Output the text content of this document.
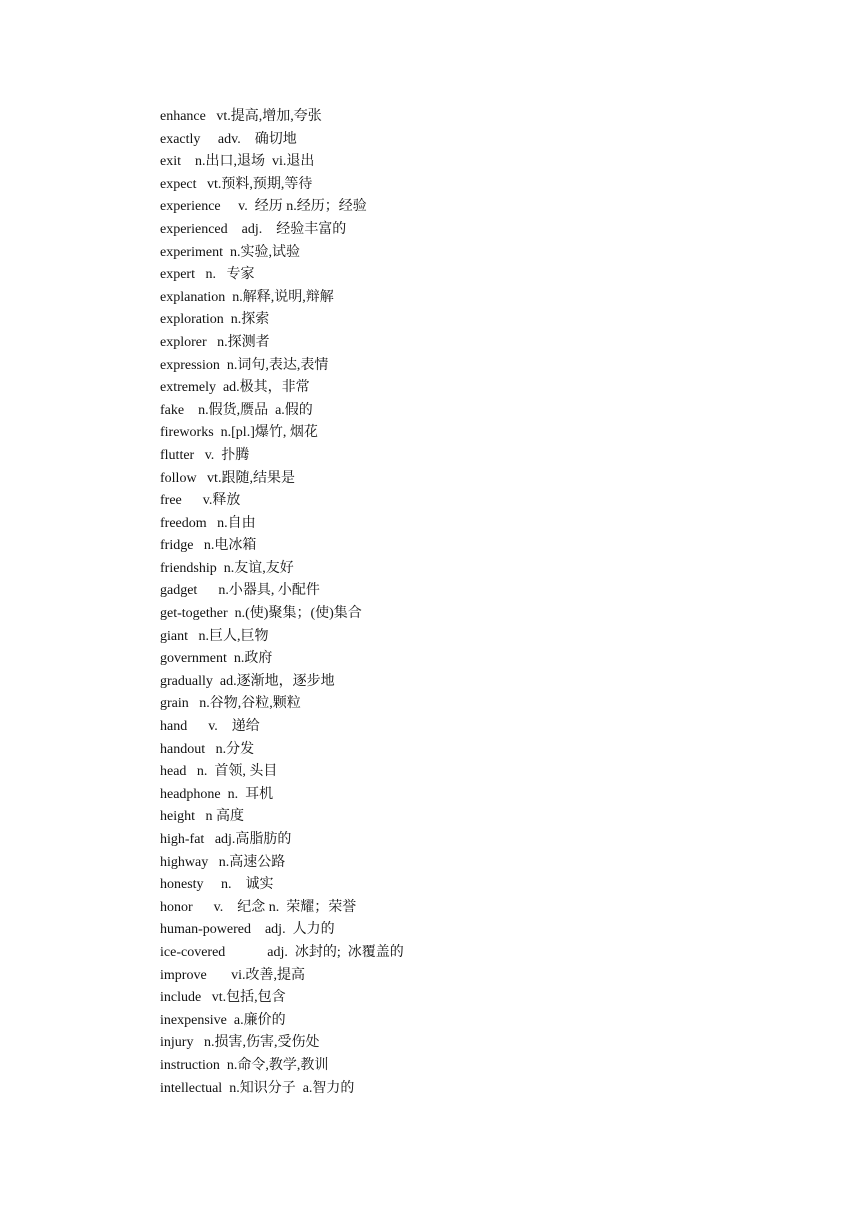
enhance   vt.提高,增加,夸张
exactly     adv.    确切地
exit    n.出口,退场  vi.退出
expect   vt.预料,预期,等待
experience     v.  经历 n.经历；经验
experienced    adj.    经验丰富的
experiment  n.实验,试验
expert   n.   专家
explanation  n.解释,说明,辩解
exploration  n.探索
explorer   n.探测者
expression  n.词句,表达,表情
extremely  ad.极其，非常
fake    n.假货,赝品  a.假的
fireworks  n.[pl.]爆竹, 烟花
flutter   v.  扑腾
follow   vt.跟随,结果是
free      v.释放
freedom   n.自由
fridge   n.电冰箱
friendship  n.友谊,友好
gadget      n.小器具, 小配件
get-together  n.(使)聚集；(使)集合
giant   n.巨人,巨物
government  n.政府
gradually  ad.逐渐地，逐步地
grain   n.谷物,谷粒,颗粒
hand      v.    递给
handout   n.分发
head   n.  首领, 头目
headphone  n.  耳机
height   n 高度
high-fat   adj.高脂肪的
highway   n.高速公路
honesty     n.    诚实
honor      v.    纪念 n.  荣耀；荣誉
human-powered    adj.  人力的
ice-covered            adj.  冰封的;  冰覆盖的
improve       vi.改善,提高
include   vt.包括,包含
inexpensive  a.廉价的
injury   n.损害,伤害,受伤处
instruction  n.命令,教学,教训
intellectual  n.知识分子  a.智力的
